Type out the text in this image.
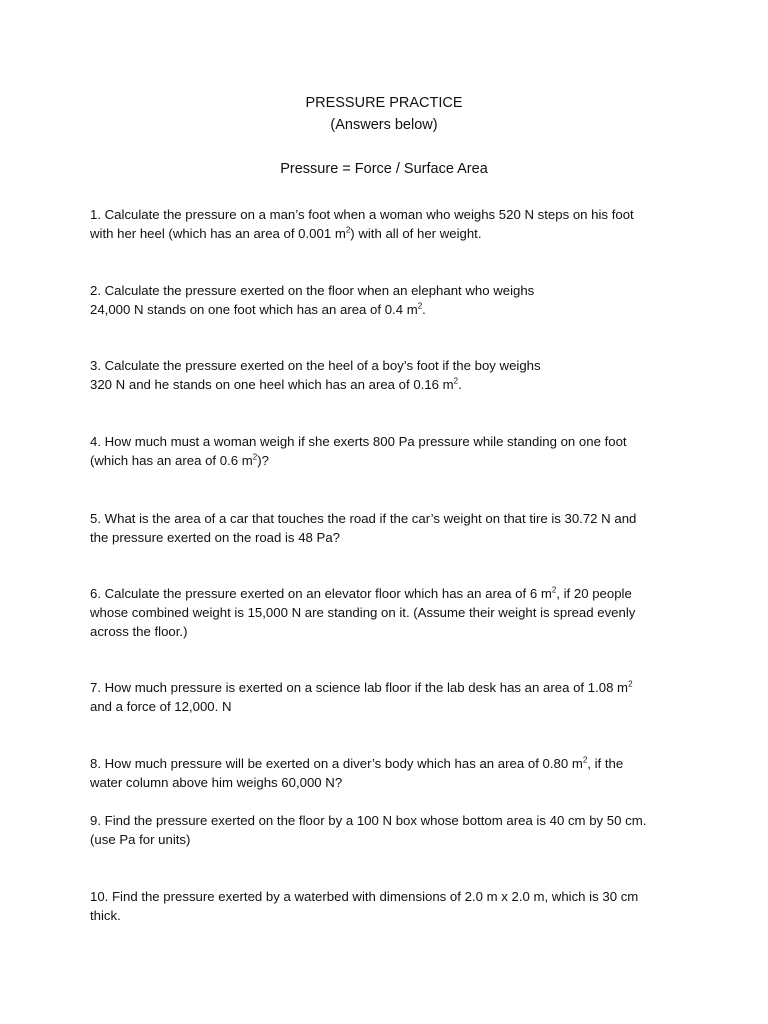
PRESSURE PRACTICE
(Answers below)
Pressure = Force / Surface Area
1. Calculate the pressure on a man’s foot when a woman who weighs 520 N steps on his foot
with her heel (which has an area of 0.001 $m^2$) with all of her weight.
2. Calculate the pressure exerted on the floor when an elephant who weighs
24,000 N stands on one foot which has an area of 0.4 $m^2$.
3. Calculate the pressure exerted on the heel of a boy’s foot if the boy weighs
320 N and he stands on one heel which has an area of 0.16 $m^2$.
4. How much must a woman weigh if she exerts 800 Pa pressure while standing on one foot
(which has an area of 0.6 $m^2$)?
5. What is the area of a car that touches the road if the car’s weight on that tire is 30.72 N and
the pressure exerted on the road is 48 Pa?
6. Calculate the pressure exerted on an elevator floor which has an area of 6 $m^2$, if 20 people
whose combined weight is 15,000 N are standing on it. (Assume their weight is spread evenly
across the floor.)
7. How much pressure is exerted on a science lab floor if the lab desk has an area of 1.08 $m^2$
and a force of 12,000. N
8. How much pressure will be exerted on a diver’s body which has an area of 0.80 $m^2$, if the
water column above him weighs 60,000 N?
9. Find the pressure exerted on the floor by a 100 N box whose bottom area is 40 cm by 50 cm.
(use Pa for units)
10. Find the pressure exerted by a waterbed with dimensions of 2.0 m x 2.0 m, which is 30 cm
thick.
